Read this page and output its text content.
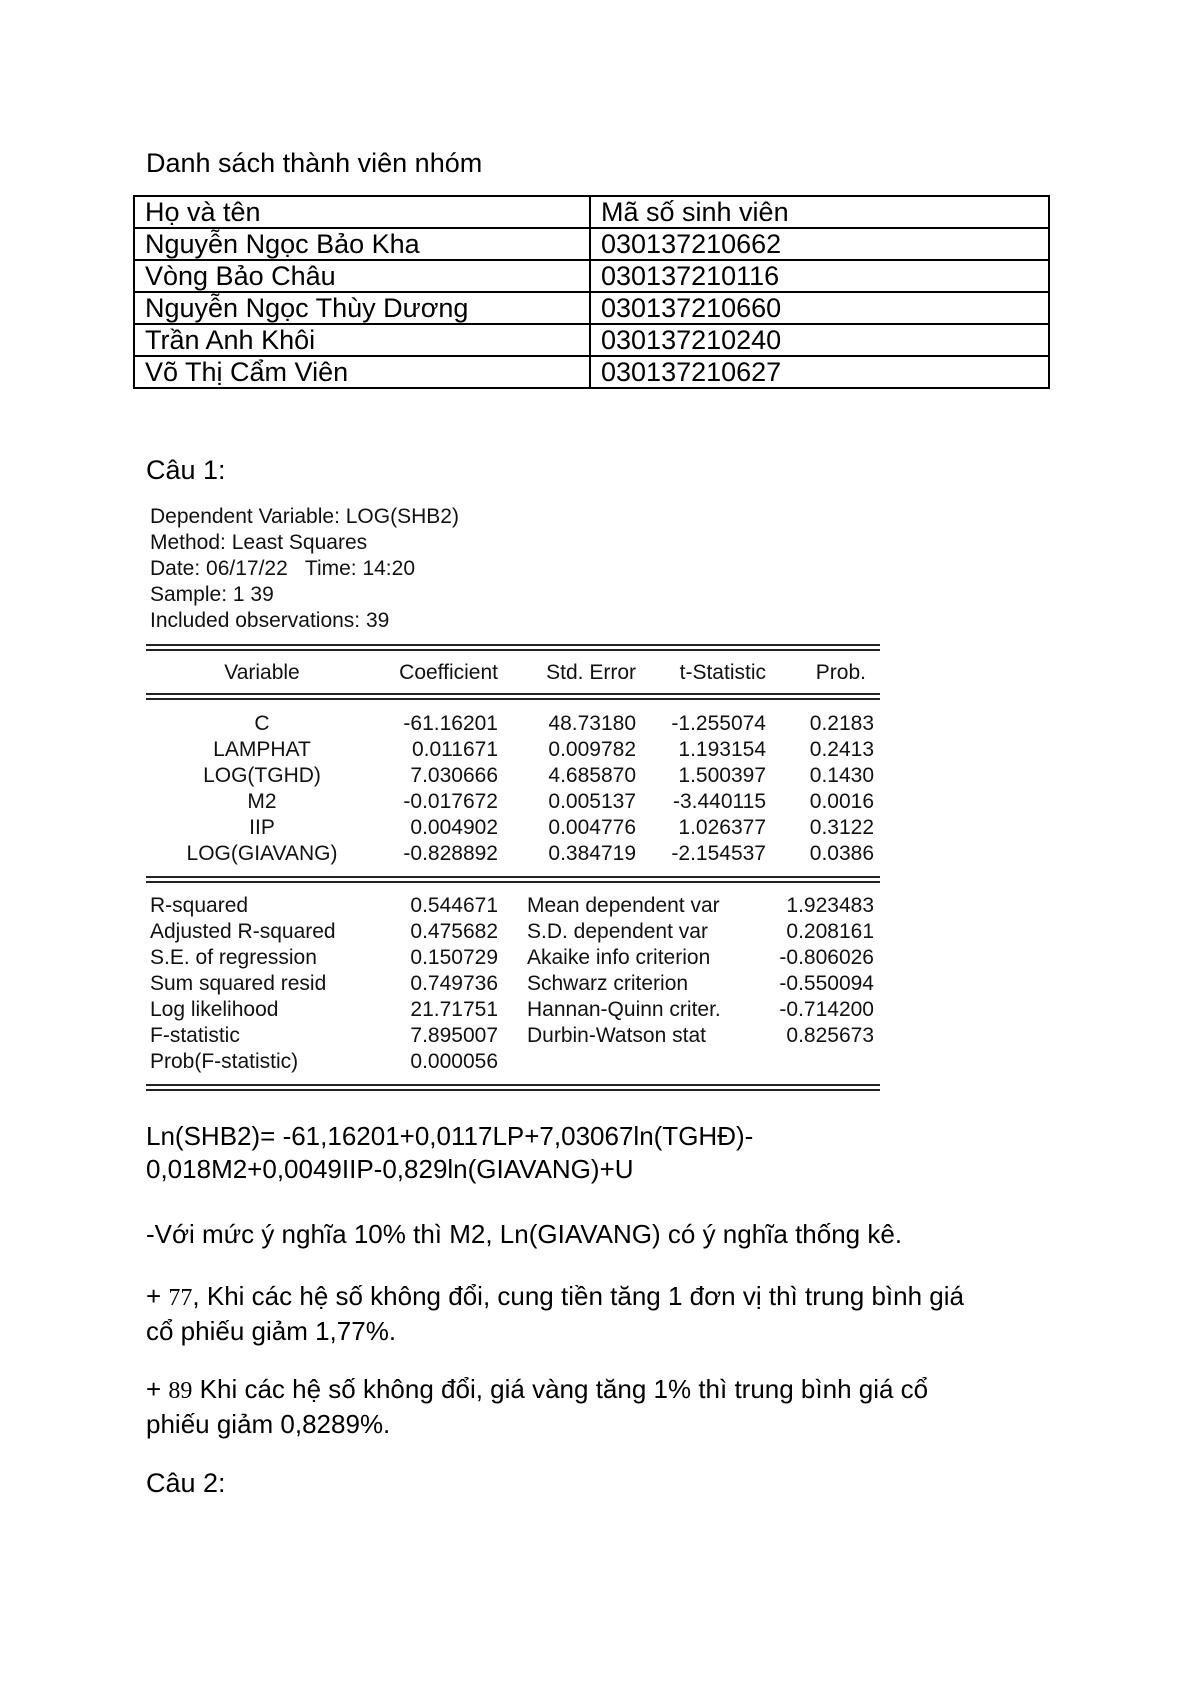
Danh sách thành viên nhóm
Họ và tên	Mã số sinh viên
Nguyễn Ngọc Bảo Kha	030137210662
Vòng Bảo Châu	030137210116
Nguyễn Ngọc Thùy Dương	030137210660
Trần Anh Khôi	030137210240
Võ Thị Cẩm Viên	030137210627
Câu 1:
Dependent Variable: LOG(SHB2)
Method: Least Squares
Date: 06/17/22   Time: 14:20
Sample: 1 39
Included observations: 39
Variable	Coefficient Std. Error t-Statistic Prob.
C	-61.16201 48.73180 -1.255074 0.2183
LAMPHAT	0.011671 0.009782 1.193154 0.2413
LOG(TGHD)	7.030666 4.685870 1.500397 0.1430
M2	-0.017672 0.005137 -3.440115 0.0016
IIP	0.004902 0.004776 1.026377 0.3122
LOG(GIAVANG)	-0.828892 0.384719 -2.154537 0.0386
R-squared	0.544671 Mean dependent var	1.923483
Adjusted R-squared	0.475682 S.D. dependent var	0.208161
S.E. of regression	0.150729 Akaike info criterion	-0.806026
Sum squared resid	0.749736 Schwarz criterion	-0.550094
Log likelihood	21.71751 Hannan-Quinn criter.	-0.714200
F-statistic	7.895007 Durbin-Watson stat	0.825673
Prob(F-statistic)	0.000056
Ln(SHB2)= -61,16201+0,0117LP+7,03067ln(TGHĐ)-
0,018M2+0,0049IIP-0,829ln(GIAVANG)+U
-Với mức ý nghĩa 10% thì M2, Ln(GIAVANG) có ý nghĩa thống kê.
+ 77, Khi các hệ số không đổi, cung tiền tăng 1 đơn vị thì trung bình giá
cổ phiếu giảm 1,77%.
+ 89 Khi các hệ số không đổi, giá vàng tăng 1% thì trung bình giá cổ
phiếu giảm 0,8289%.
Câu 2:
